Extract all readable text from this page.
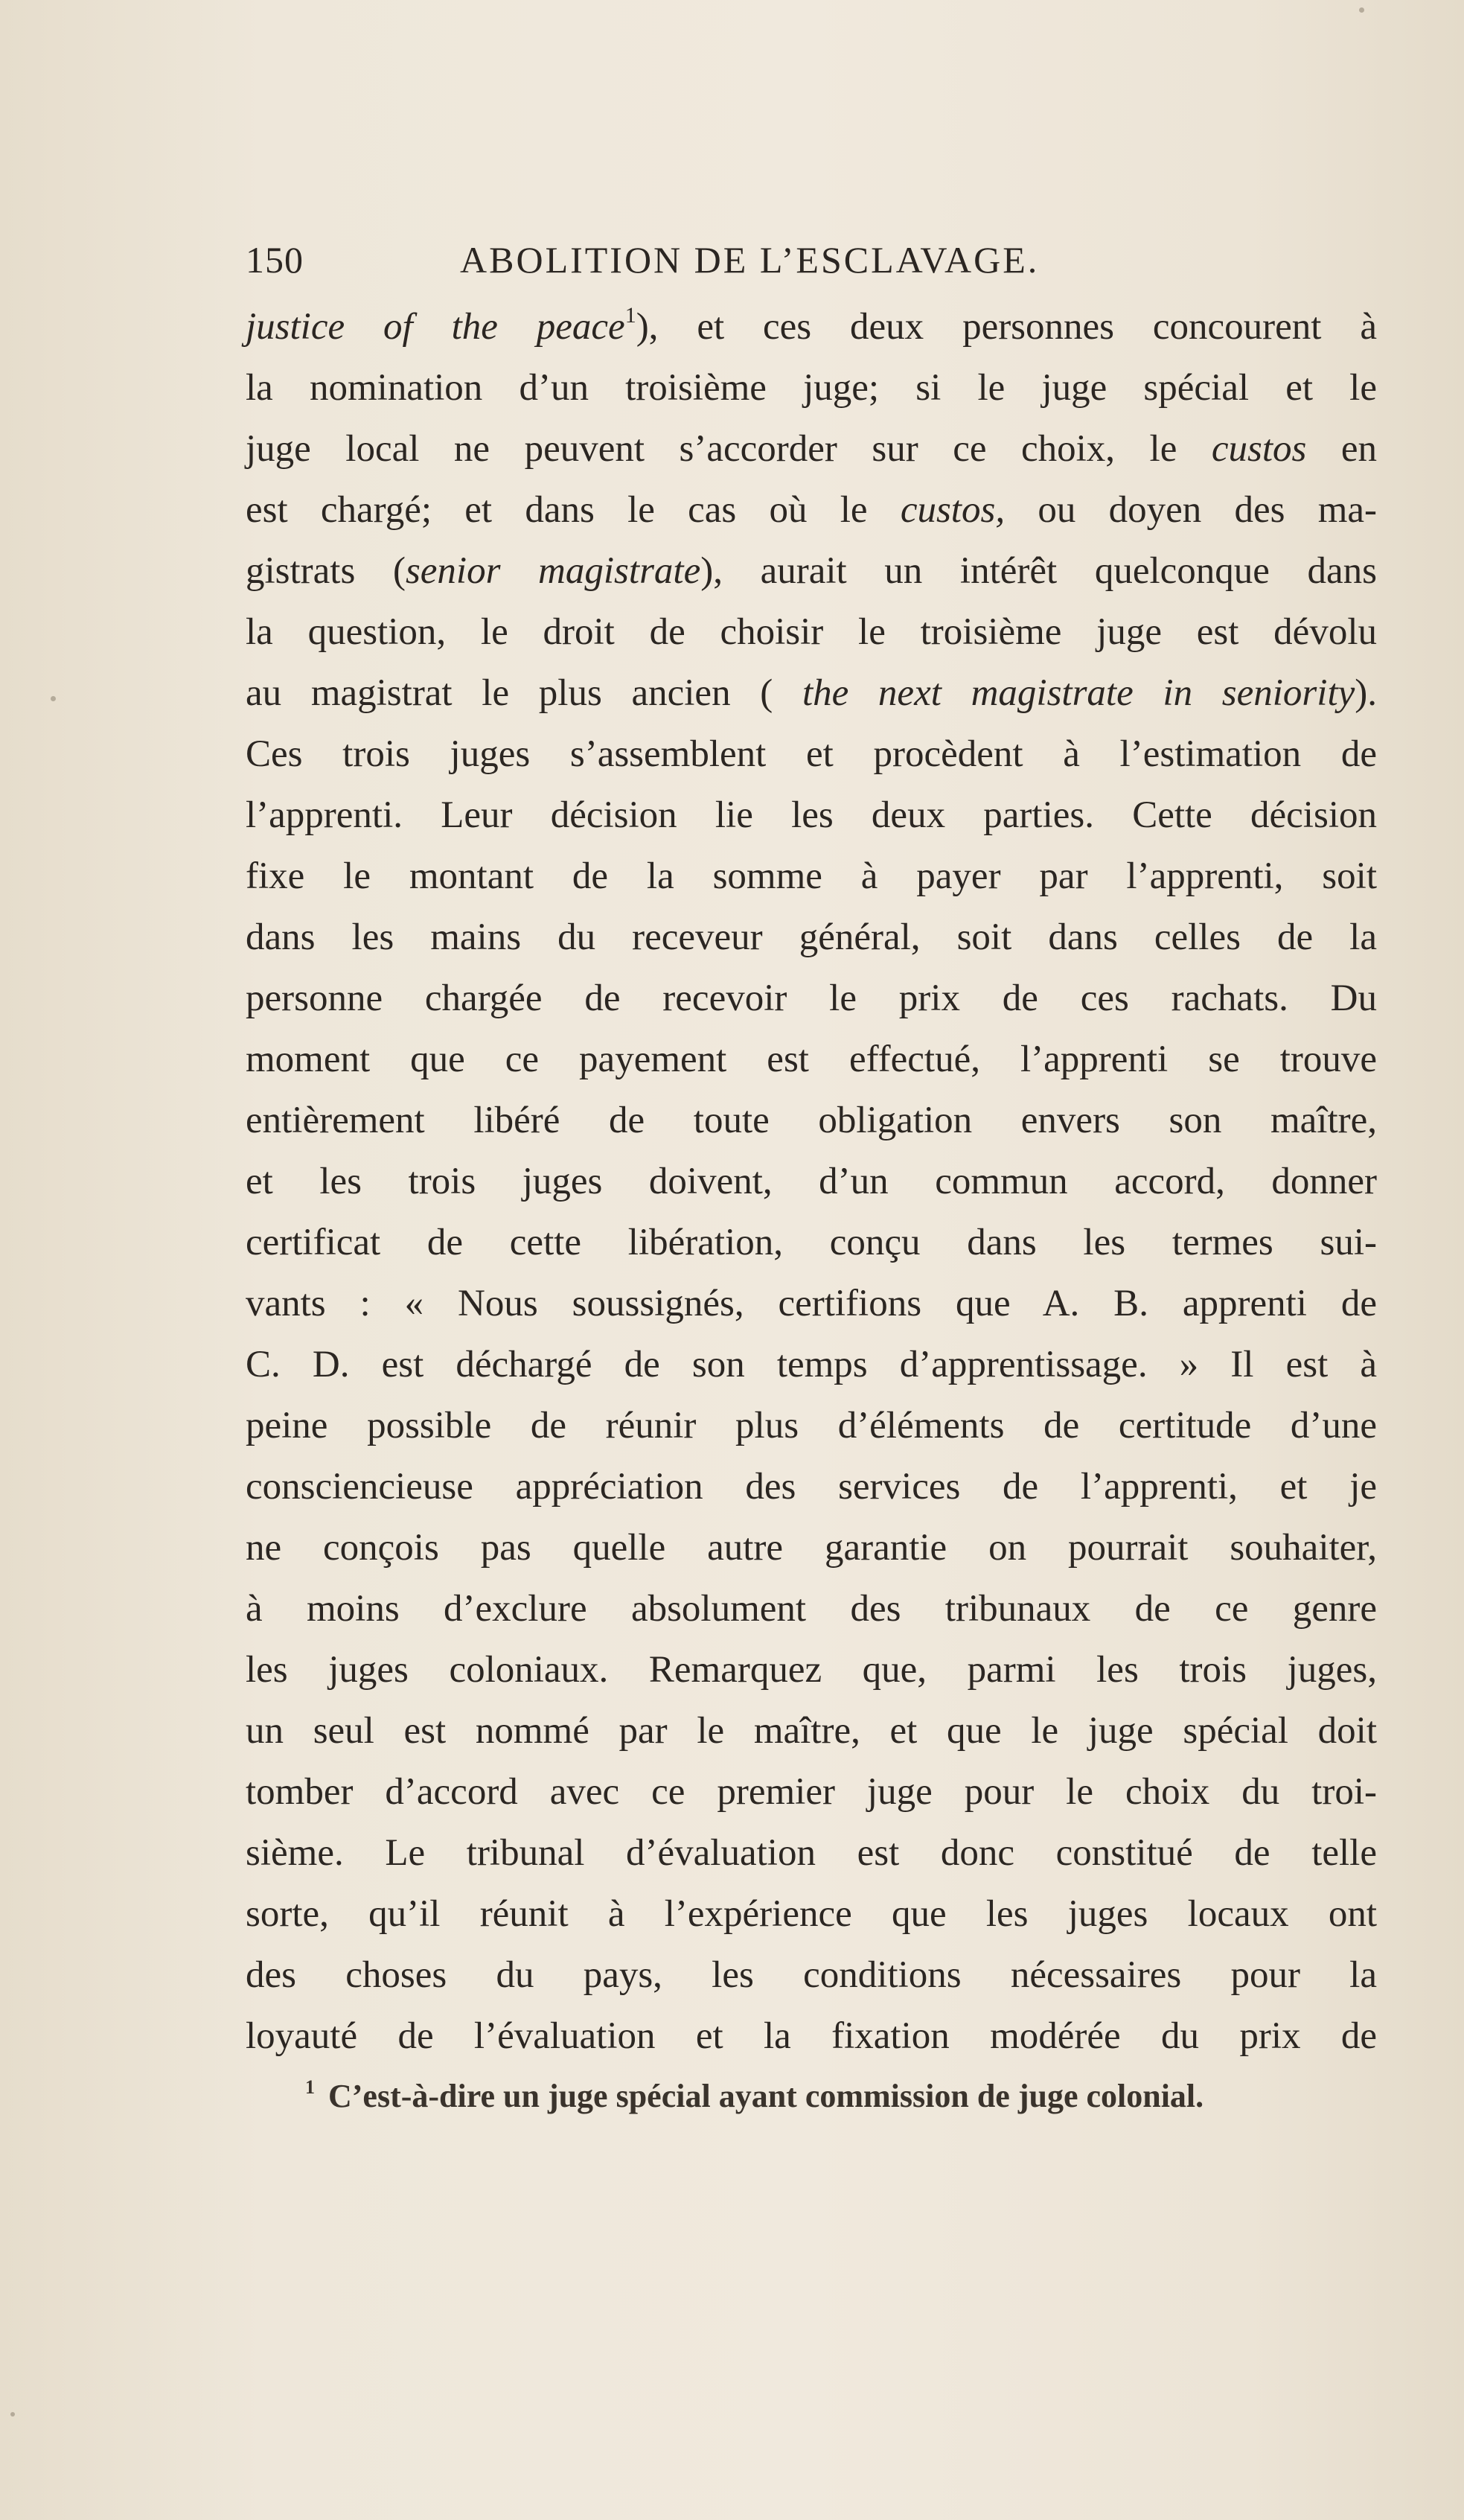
150	ABOLITION DE L’ESCLAVAGE.
justice of the peace$^1$), et ces deux personnes concourent à
la nomination d’un troisième juge; si le juge spécial et le
juge local ne peuvent s’accorder sur ce choix, le custos en
est chargé; et dans le cas où le custos, ou doyen des ma-
gistrats (senior magistrate), aurait un intérêt quelconque dans
la question, le droit de choisir le troisième juge est dévolu
au magistrat le plus ancien ( the next magistrate in seniority).
Ces trois juges s’assemblent et procèdent à l’estimation de
l’apprenti. Leur décision lie les deux parties. Cette décision
fixe le montant de la somme à payer par l’apprenti, soit
dans les mains du receveur général, soit dans celles de la
personne chargée de recevoir le prix de ces rachats. Du
moment que ce payement est effectué, l’apprenti se trouve
entièrement libéré de toute obligation envers son maître,
et les trois juges doivent, d’un commun accord, donner
certificat de cette libération, conçu dans les termes sui-
vants : « Nous soussignés, certifions que A. B. apprenti de
C. D. est déchargé de son temps d’apprentissage. » Il est à
peine possible de réunir plus d’éléments de certitude d’une
consciencieuse appréciation des services de l’apprenti, et je
ne conçois pas quelle autre garantie on pourrait souhaiter,
à moins d’exclure absolument des tribunaux de ce genre
les juges coloniaux. Remarquez que, parmi les trois juges,
un seul est nommé par le maître, et que le juge spécial doit
tomber d’accord avec ce premier juge pour le choix du troi-
sième. Le tribunal d’évaluation est donc constitué de telle
sorte, qu’il réunit à l’expérience que les juges locaux ont
des choses du pays, les conditions nécessaires pour la
loyauté de l’évaluation et la fixation modérée du prix de
$^1$ C’est-à-dire un juge spécial ayant commission de juge colonial.
